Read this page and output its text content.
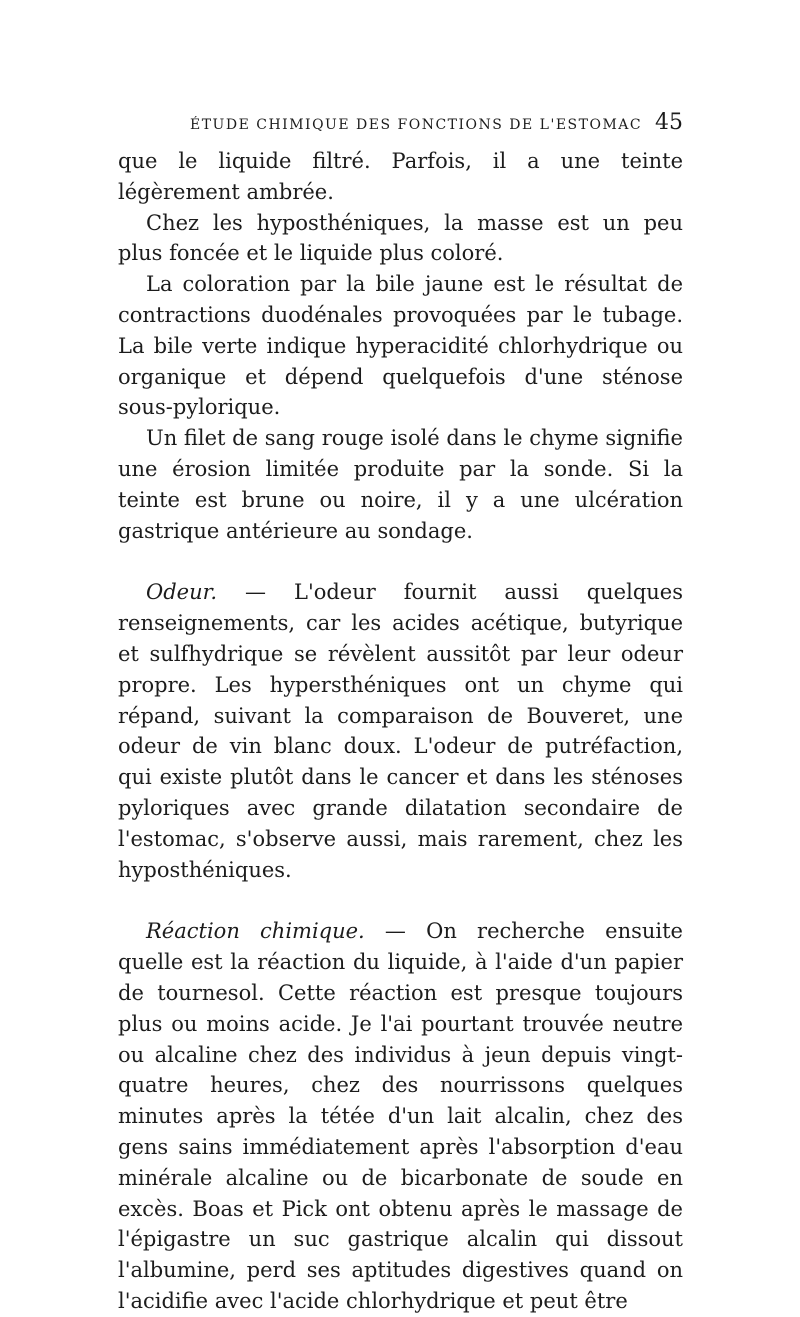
ÉTUDE CHIMIQUE DES FONCTIONS DE L'ESTOMAC 45

que le liquide filtré. Parfois, il a une teinte légèrement ambrée.

Chez les hyposthéniques, la masse est un peu plus foncée et le liquide plus coloré.

La coloration par la bile jaune est le résultat de contractions duodénales provoquées par le tubage. La bile verte indique hyperacidité chlorhydrique ou organique et dépend quelquefois d'une sténose sous-pylorique.

Un filet de sang rouge isolé dans le chyme signifie une érosion limitée produite par la sonde. Si la teinte est brune ou noire, il y a une ulcération gastrique antérieure au sondage.

Odeur. — L'odeur fournit aussi quelques renseignements, car les acides acétique, butyrique et sulfhydrique se révèlent aussitôt par leur odeur propre. Les hypersthéniques ont un chyme qui répand, suivant la comparaison de Bouveret, une odeur de vin blanc doux. L'odeur de putréfaction, qui existe plutôt dans le cancer et dans les sténoses pyloriques avec grande dilatation secondaire de l'estomac, s'observe aussi, mais rarement, chez les hyposthéniques.

Réaction chimique. — On recherche ensuite quelle est la réaction du liquide, à l'aide d'un papier de tournesol. Cette réaction est presque toujours plus ou moins acide. Je l'ai pourtant trouvée neutre ou alcaline chez des individus à jeun depuis vingt-quatre heures, chez des nourrissons quelques minutes après la tétée d'un lait alcalin, chez des gens sains immédiatement après l'absorption d'eau minérale alcaline ou de bicarbonate de soude en excès. Boas et Pick ont obtenu après le massage de l'épigastre un suc gastrique alcalin qui dissout l'albumine, perd ses aptitudes digestives quand on l'acidifie avec l'acide chlorhydrique et peut être
